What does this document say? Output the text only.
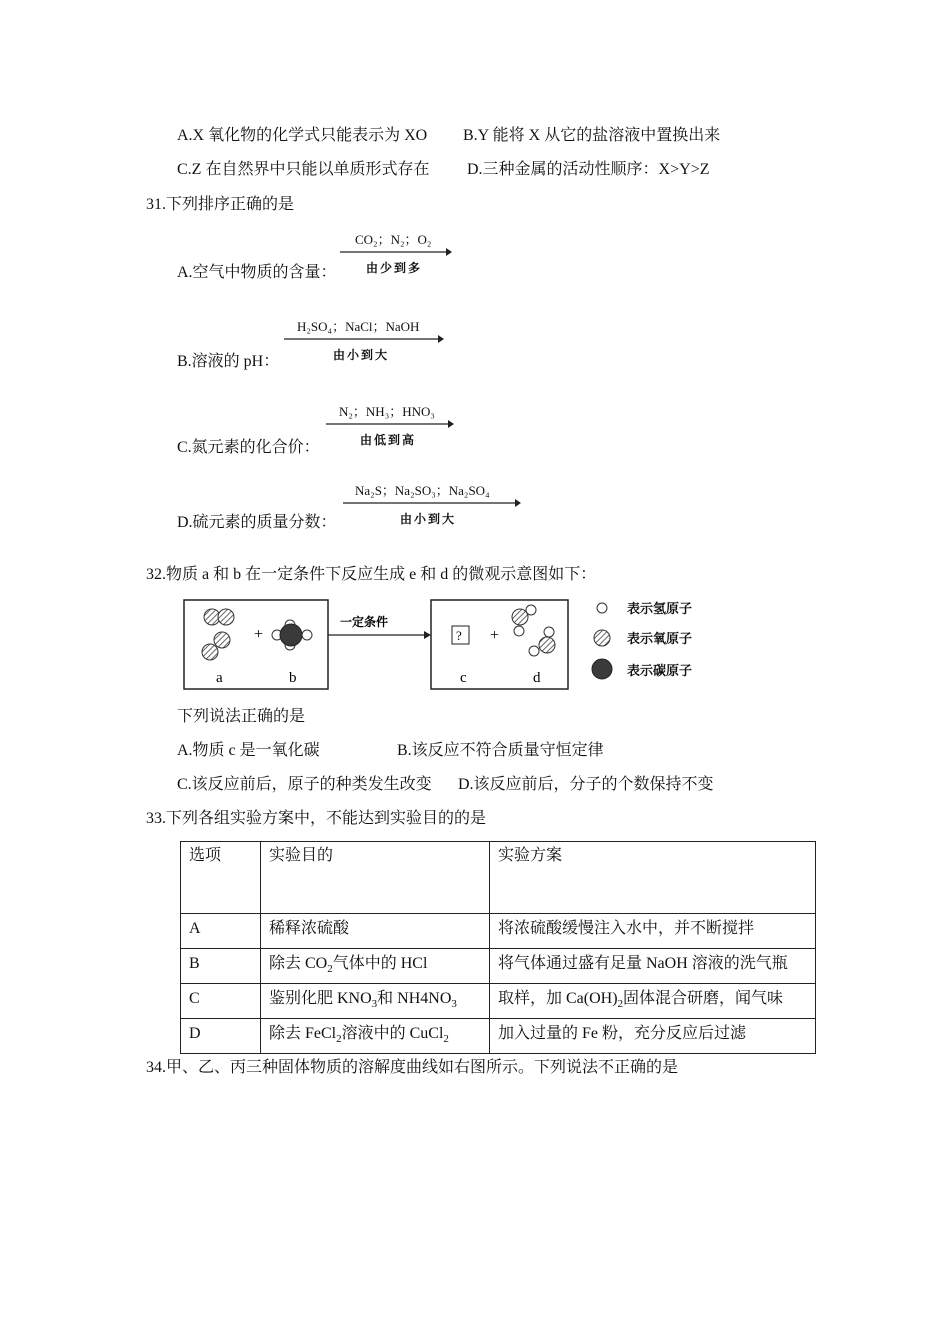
A.X 氧化物的化学式只能表示为 XO B.Y 能将 X 从它的盐溶液中置换出来
C.Z 在自然界中只能以单质形式存在 D.三种金属的活动性顺序：X>Y>Z
31.下列排序正确的是
A.空气中物质的含量：
CO₂；N₂；O₂
由少到多
B.溶液的 pH：
H₂SO₄；NaCl；NaOH
由小到大
C.氮元素的化合价：
N₂；NH₃；HNO₃
由低到高
D.硫元素的质量分数：
Na₂S；Na₂SO₃；Na₂SO₄
由小到大
32.物质 a 和 b 在一定条件下反应生成 e 和 d 的微观示意图如下：
+
a	b
一定条件
? +
c	d
表示氢原子
表示氧原子
表示碳原子
下列说法正确的是
A.物质 c 是一氧化碳	B.该反应不符合质量守恒定律
C.该反应前后，原子的种类发生改变 D.该反应前后，分子的个数保持不变
33.下列各组实验方案中，不能达到实验目的的是
选项	实验目的	实验方案
A	稀释浓硫酸	将浓硫酸缓慢注入水中，并不断搅拌
B	除去 $CO_2$气体中的 HCl	将气体通过盛有足量 NaOH 溶液的洗气瓶
C	鉴别化肥 $KNO_3$和 $NH4NO_3$	取样，加 $Ca(OH)_2$固体混合研磨，闻气味
D	除去 FeCl$_2$溶液中的 CuCl$_2$	加入过量的 Fe 粉，充分反应后过滤
34.甲、乙、丙三种固体物质的溶解度曲线如右图所示。下列说法不正确的是
